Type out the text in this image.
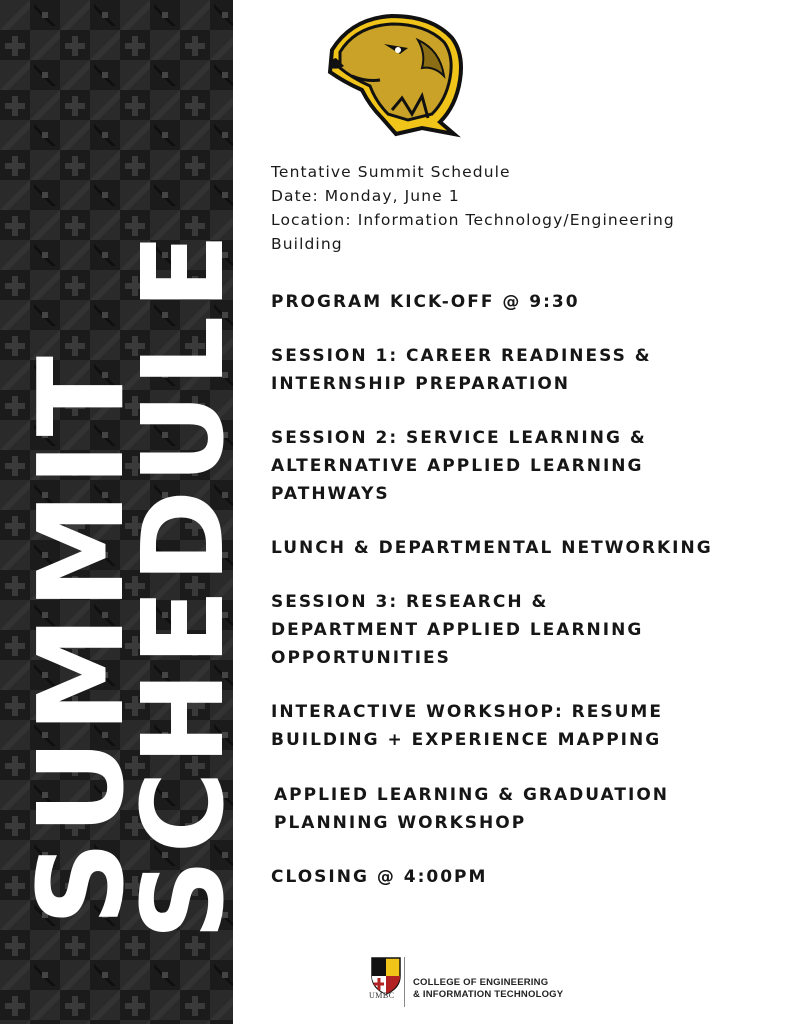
SUMMIT
SCHEDULE
Tentative Summit Schedule
Date: Monday, June 1
Location: Information Technology/Engineering
Building
PROGRAM KICK-OFF @ 9:30
SESSION 1: CAREER READINESS &
INTERNSHIP PREPARATION
SESSION 2: SERVICE LEARNING &
ALTERNATIVE APPLIED LEARNING
PATHWAYS
LUNCH & DEPARTMENTAL NETWORKING
SESSION 3: RESEARCH &
DEPARTMENT APPLIED LEARNING
OPPORTUNITIES
INTERACTIVE WORKSHOP: RESUME
BUILDING + EXPERIENCE MAPPING
APPLIED LEARNING & GRADUATION
PLANNING WORKSHOP
CLOSING @ 4:00PM
UMBC
COLLEGE OF ENGINEERING
& INFORMATION TECHNOLOGY
